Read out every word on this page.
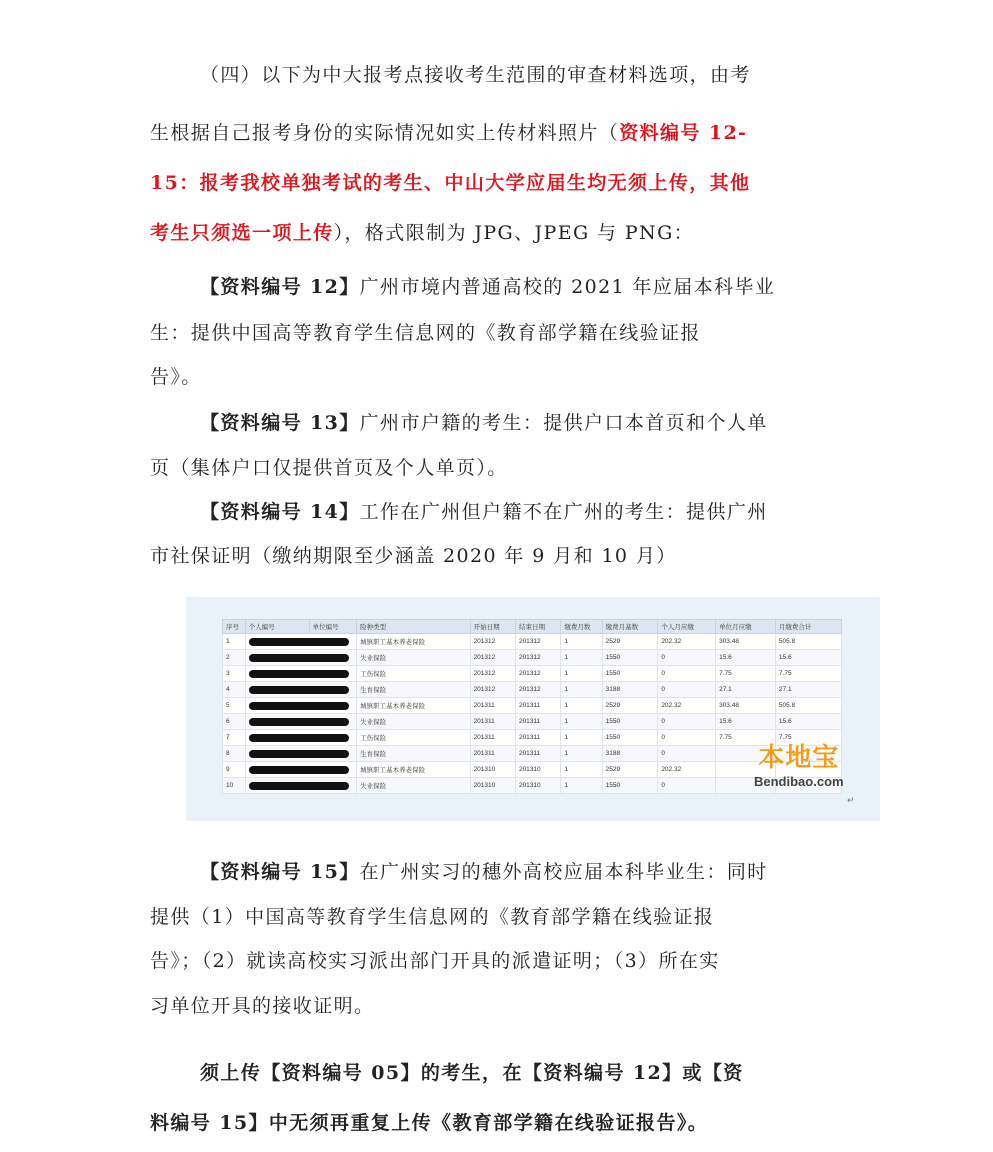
（四）以下为中大报考点接收考生范围的审查材料选项，由考
生根据自己报考身份的实际情况如实上传材料照片（资料编号 12-
15：报考我校单独考试的考生、中山大学应届生均无须上传，其他
考生只须选一项上传），格式限制为 JPG、JPEG 与 PNG：
【资料编号 12】广州市境内普通高校的 2021 年应届本科毕业
生：提供中国高等教育学生信息网的《教育部学籍在线验证报
告》。
【资料编号 13】广州市户籍的考生：提供户口本首页和个人单
页（集体户口仅提供首页及个人单页）。
【资料编号 14】工作在广州但户籍不在广州的考生：提供广州
市社保证明（缴纳期限至少涵盖 2020 年 9 月和 10 月）
序号	个人编号	单位编号	险种类型	开始日期	结束日期	缴费月数	缴费月基数	个人月应缴	单位月应缴	月缴费合计
1			城镇职工基本养老保险	201312	201312	1	2529	202.32	303.48	505.8
2			失业保险	201312	201312	1	1550	0	15.6	15.6
3			工伤保险	201312	201312	1	1550	0	7.75	7.75
4			生育保险	201312	201312	1	3188	0	27.1	27.1
5			城镇职工基本养老保险	201311	201311	1	2529	202.32	303.48	505.8
6			失业保险	201311	201311	1	1550	0	15.6	15.6
7			工伤保险	201311	201311	1	1550	0	7.75	7.75
8			生育保险	201311	201311	1	3188	0		
9			城镇职工基本养老保险	201310	201310	1	2529	202.32		
10			失业保险	201310	201310	1	1550	0		
本地宝
Bendibao.com
↵
【资料编号 15】在广州实习的穗外高校应届本科毕业生：同时
提供（1）中国高等教育学生信息网的《教育部学籍在线验证报
告》；（2）就读高校实习派出部门开具的派遣证明；（3）所在实
习单位开具的接收证明。
须上传【资料编号 05】的考生，在【资料编号 12】或【资
料编号 15】中无须再重复上传《教育部学籍在线验证报告》。
